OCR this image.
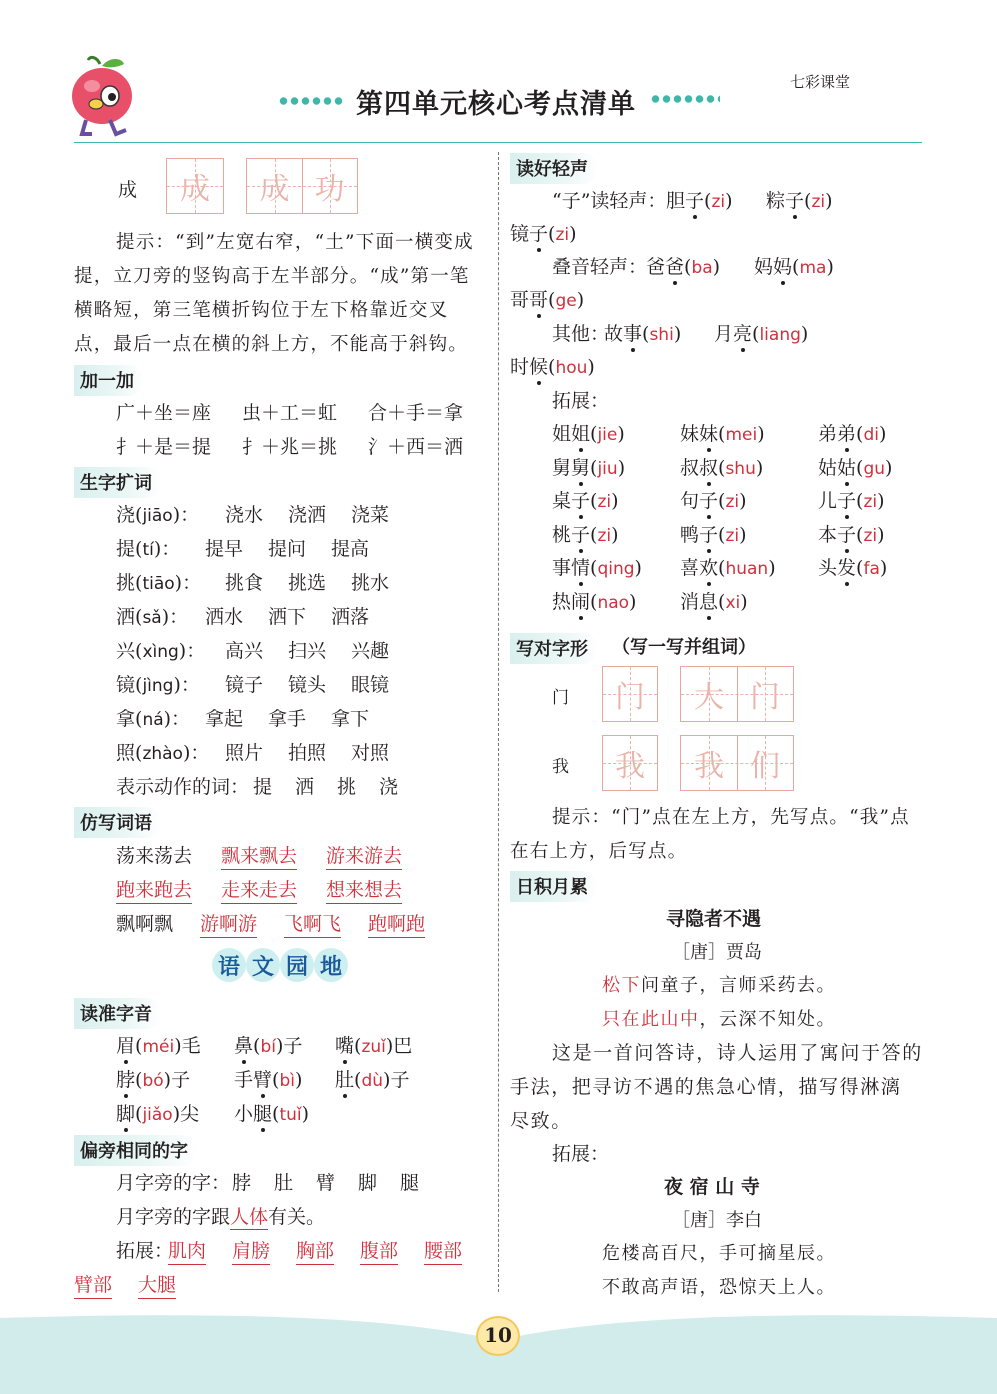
第四单元核心考点清单
七彩课堂
成	成	成 功
提示：“到”左宽右窄，“土”下面一横变成
提，立刀旁的竖钩高于左半部分。“成”第一笔
横略短，第三笔横折钩位于左下格靠近交叉
点，最后一点在横的斜上方，不能高于斜钩。
加一加
广＋坐＝座 虫＋工＝虹 合＋手＝拿
扌＋是＝提 扌＋兆＝挑 氵＋西＝洒
生字扩词
浇(jiāo)： 浇水 浇洒 浇菜
提(tí)： 提早 提问 提高
挑(tiāo)： 挑食 挑选 挑水
洒(sǎ)： 洒水 洒下 洒落
兴(xìng)： 高兴 扫兴 兴趣
镜(jìng)： 镜子 镜头 眼镜
拿(ná)： 拿起 拿手 拿下
照(zhào)： 照片 拍照 对照
表示动作的词： 提 洒 挑 浇
仿写词语
荡来荡去 飘来飘去 游来游去
跑来跑去 走来走去 想来想去
飘啊飘 游啊游 飞啊飞 跑啊跑
语 文 园 地
读准字音
眉(méi)毛 鼻(bí)子 嘴(zuǐ)巴
脖(bó)子 手臂(bì) 肚(dù)子
脚(jiǎo)尖 小腿(tuǐ)
偏旁相同的字
月字旁的字： 脖 肚 臂 脚 腿
月字旁的字跟人体有关。
拓展：
肌肉 肩膀 胸部 腹部 腰部
臂部 大腿
读好轻声
“子”读轻声： 胆子(zi) 粽子(zi)
镜子(zi)
叠音轻声：
爸爸(ba) 妈妈(ma)
哥哥(ge)
其他：
故事(shi) 月亮(liang)
时候(hou)
拓展：
姐姐(jie)	妹妹(mei)	弟弟(di)
舅舅(jiu)	叔叔(shu)	姑姑(gu)
桌子(zi)	句子(zi)	儿子(zi)
桃子(zi)	鸭子(zi)	本子(zi)
事情(qing) 喜欢(huan) 头发(fa)
热闹(nao) 消息(xi)
写对字形	（写一写并组词）
门	门	大 门
我	我	我 们
提示：“门”点在左上方，先写点。“我”点
在右上方，后写点。
日积月累
寻隐者不遇
［唐］贾岛
松下问童子，言师采药去。
只在此山中，云深不知处。
这是一首问答诗，诗人运用了寓问于答的
手法，把寻访不遇的焦急心情，描写得淋漓
尽致。
拓展：
夜 宿 山 寺
［唐］李白
危楼高百尺，手可摘星辰。
不敢高声语，恐惊天上人。
10
